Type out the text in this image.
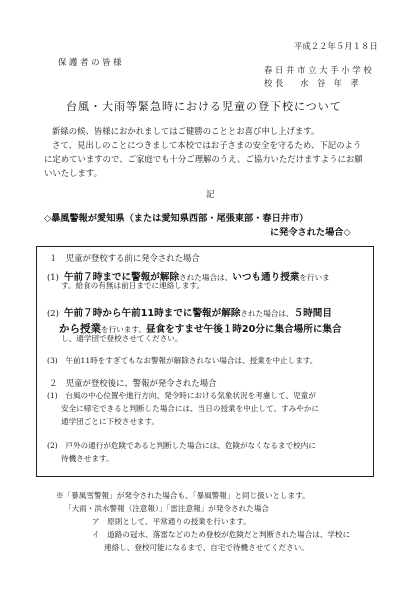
平成２２年５月１８日
保 護 者 の 皆 様
春 日 井 市 立 大 手 小 学 校
校 長　　水　谷　年　孝
台風・大雨等緊急時における児童の登下校について
新緑の候、皆様におかれましてはご健勝のこととお喜び申し上げます。
さて、見出しのことにつきまして本校ではお子さまの安全を守るため、下記のよう
に定めていますので、ご家庭でも十分ご理解のうえ、ご協力いただけますようにお願
いいたします。
記
◇暴風警報が愛知県（または愛知県西部・尾張東部・春日井市）
に発令された場合◇
１　児童が登校する前に発令された場合
(1) 午前７時までに警報が解除された場合は、いつも通り授業を行いま
す。給食の有無は前日までに連絡します。
(2) 午前７時から午前11時までに警報が解除された場合は、５時間目
から授業を行います。昼食をすませ午後１時20分に集合場所に集合
し、通学団で登校させてください。
(3)　午前11時をすぎてもなお警報が解除されない場合は、授業を中止します。
２　児童が登校後に、警報が発令された場合
(1)　台風の中心位置や進行方向、発令時における気象状況を考慮して、児童が
安全に帰宅できると判断した場合には、当日の授業を中止して、すみやかに
通学団ごとに下校させます。
(2)　戸外の通行が危険であると判断した場合には、危険がなくなるまで校内に
待機させます。
※「暴風雪警報」が発令された場合も、「暴風警報」と同じ扱いとします。
「大雨・洪水警報（注意報）」「雷注意報」が発令された場合
ア　原則として、平常通りの授業を行います。
イ　道路の冠水、落雷などのため登校が危険だと判断された場合は、学校に
連絡し、登校可能になるまで、自宅で待機させてください。
